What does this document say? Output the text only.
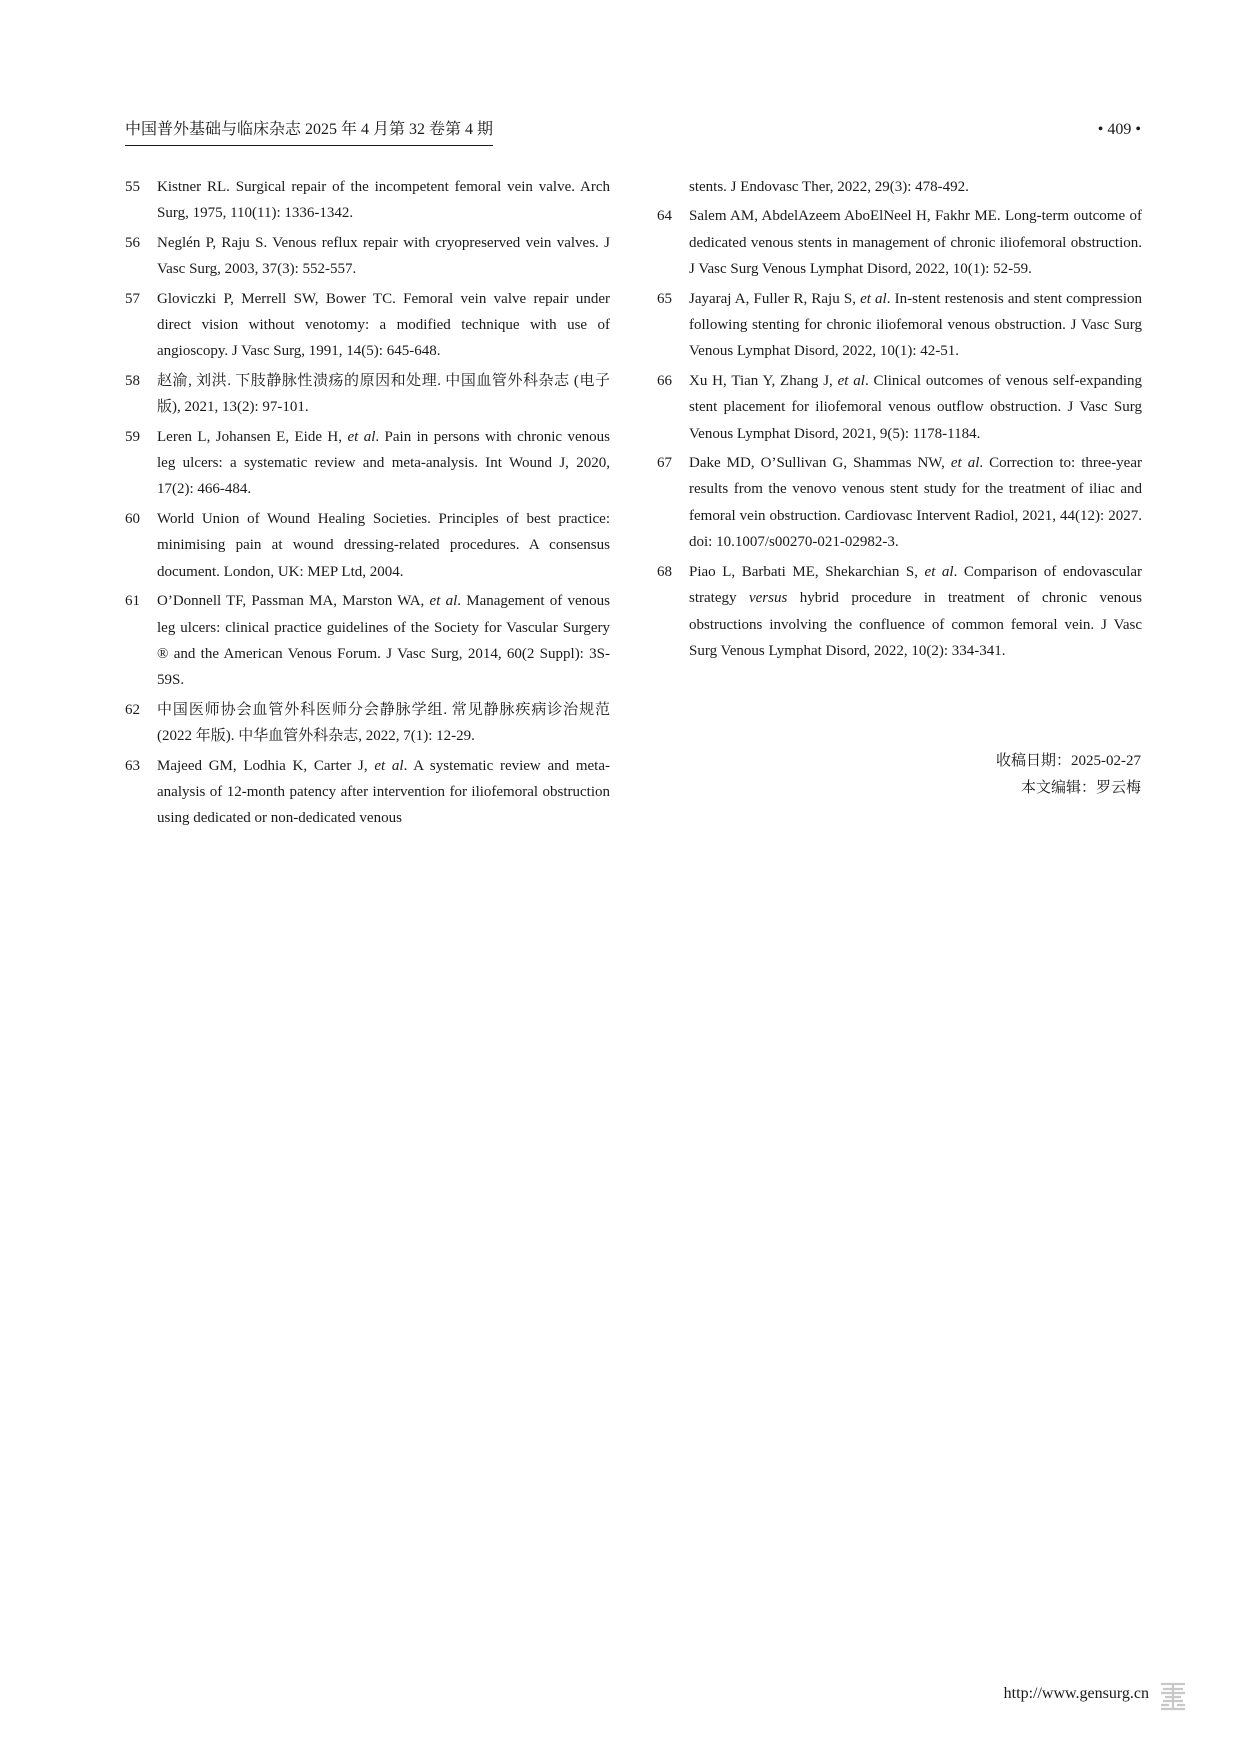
中国普外基础与临床杂志 2025 年 4 月第 32 卷第 4 期	• 409 •
55 Kistner RL. Surgical repair of the incompetent femoral vein valve. Arch Surg, 1975, 110(11): 1336-1342.
56 Neglén P, Raju S. Venous reflux repair with cryopreserved vein valves. J Vasc Surg, 2003, 37(3): 552-557.
57 Gloviczki P, Merrell SW, Bower TC. Femoral vein valve repair under direct vision without venotomy: a modified technique with use of angioscopy. J Vasc Surg, 1991, 14(5): 645-648.
58 赵渝, 刘洪. 下肢静脉性溃疡的原因和处理. 中国血管外科杂志 (电子版), 2021, 13(2): 97-101.
59 Leren L, Johansen E, Eide H, et al. Pain in persons with chronic venous leg ulcers: a systematic review and meta-analysis. Int Wound J, 2020, 17(2): 466-484.
60 World Union of Wound Healing Societies. Principles of best practice: minimising pain at wound dressing-related procedures. A consensus document. London, UK: MEP Ltd, 2004.
61 O’Donnell TF, Passman MA, Marston WA, et al. Management of venous leg ulcers: clinical practice guidelines of the Society for Vascular Surgery ® and the American Venous Forum. J Vasc Surg, 2014, 60(2 Suppl): 3S-59S.
62 中国医师协会血管外科医师分会静脉学组. 常见静脉疾病诊治规范 (2022 年版). 中华血管外科杂志, 2022, 7(1): 12-29.
63 Majeed GM, Lodhia K, Carter J, et al. A systematic review and meta-analysis of 12-month patency after intervention for iliofemoral obstruction using dedicated or non-dedicated venous
stents. J Endovasc Ther, 2022, 29(3): 478-492.
64 Salem AM, AbdelAzeem AboElNeel H, Fakhr ME. Long-term outcome of dedicated venous stents in management of chronic iliofemoral obstruction. J Vasc Surg Venous Lymphat Disord, 2022, 10(1): 52-59.
65 Jayaraj A, Fuller R, Raju S, et al. In-stent restenosis and stent compression following stenting for chronic iliofemoral venous obstruction. J Vasc Surg Venous Lymphat Disord, 2022, 10(1): 42-51.
66 Xu H, Tian Y, Zhang J, et al. Clinical outcomes of venous self-expanding stent placement for iliofemoral venous outflow obstruction. J Vasc Surg Venous Lymphat Disord, 2021, 9(5): 1178-1184.
67 Dake MD, O’Sullivan G, Shammas NW, et al. Correction to: three-year results from the venovo venous stent study for the treatment of iliac and femoral vein obstruction. Cardiovasc Intervent Radiol, 2021, 44(12): 2027. doi: 10.1007/s00270-021-02982-3.
68 Piao L, Barbati ME, Shekarchian S, et al. Comparison of endovascular strategy versus hybrid procedure in treatment of chronic venous obstructions involving the confluence of common femoral vein. J Vasc Surg Venous Lymphat Disord, 2022, 10(2): 334-341.
收稿日期：2025-02-27
本文编辑：罗云梅
http://www.gensurg.cn
